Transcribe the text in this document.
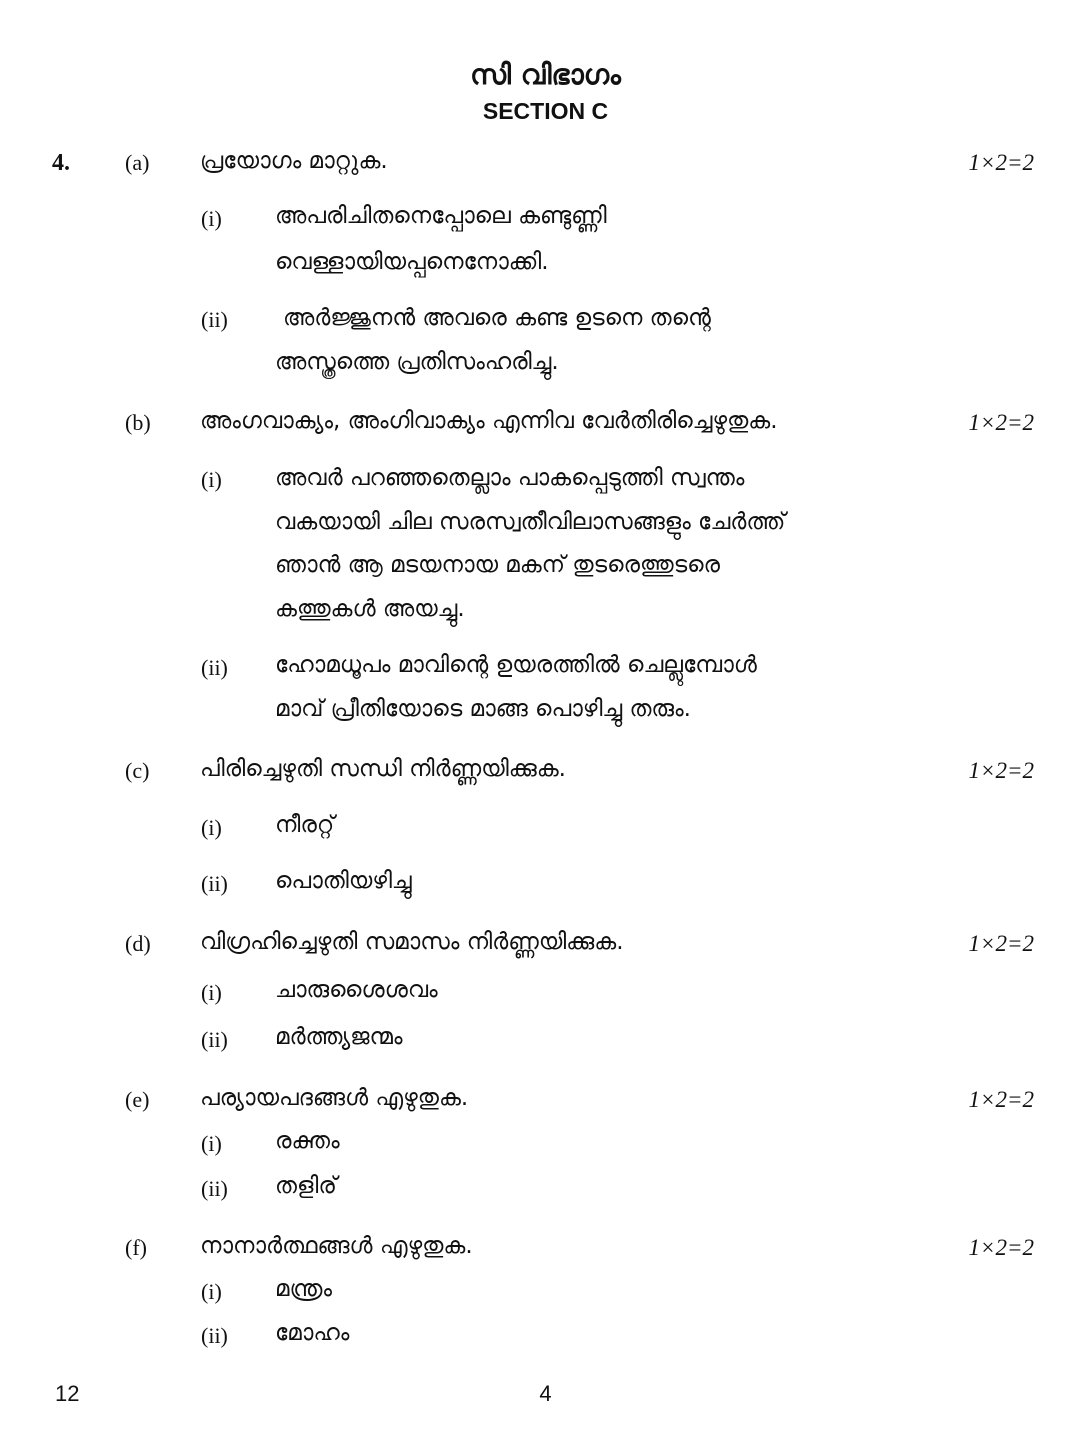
സി വിഭാഗം
SECTION C
4.	(a) പ്രയോഗം മാറ്റുക.	1×2=2
(i) അപരിചിതനെപ്പോലെ കണ്ടുണ്ണി
വെള്ളായിയപ്പനെനോക്കി.
(ii) അർജ്ജുനൻ അവരെ കണ്ട ഉടനെ തന്റെ
അസ്ത്രത്തെ പ്രതിസംഹരിച്ചു.
(b) അംഗവാക്യം, അംഗിവാക്യം എന്നിവ വേർതിരിച്ചെഴുതുക.	1×2=2
(i) അവർ പറഞ്ഞതെല്ലാം പാകപ്പെടുത്തി സ്വന്തം
വകയായി ചില സരസ്വതീവിലാസങ്ങളും ചേർത്ത്
ഞാൻ ആ മടയനായ മകന് തുടരെത്തുടരെ
കത്തുകൾ അയച്ചു.
(ii) ഹോമധൂപം മാവിന്റെ ഉയരത്തിൽ ചെല്ലുമ്പോൾ
മാവ് പ്രീതിയോടെ മാങ്ങ പൊഴിച്ചു തരും.
(c) പിരിച്ചെഴുതി സന്ധി നിർണ്ണയിക്കുക.	1×2=2
(i) നീരറ്റ്
(ii) പൊതിയഴിച്ചു
(d) വിഗ്രഹിച്ചെഴുതി സമാസം നിർണ്ണയിക്കുക.	1×2=2
(i) ചാരുശൈശവം
(ii) മർത്ത്യജന്മം
(e) പര്യായപദങ്ങൾ എഴുതുക.	1×2=2
(i) രക്തം
(ii) തളിര്
(f) നാനാർത്ഥങ്ങൾ എഴുതുക.	1×2=2
(i) മന്ത്രം
(ii) മോഹം
12	4
